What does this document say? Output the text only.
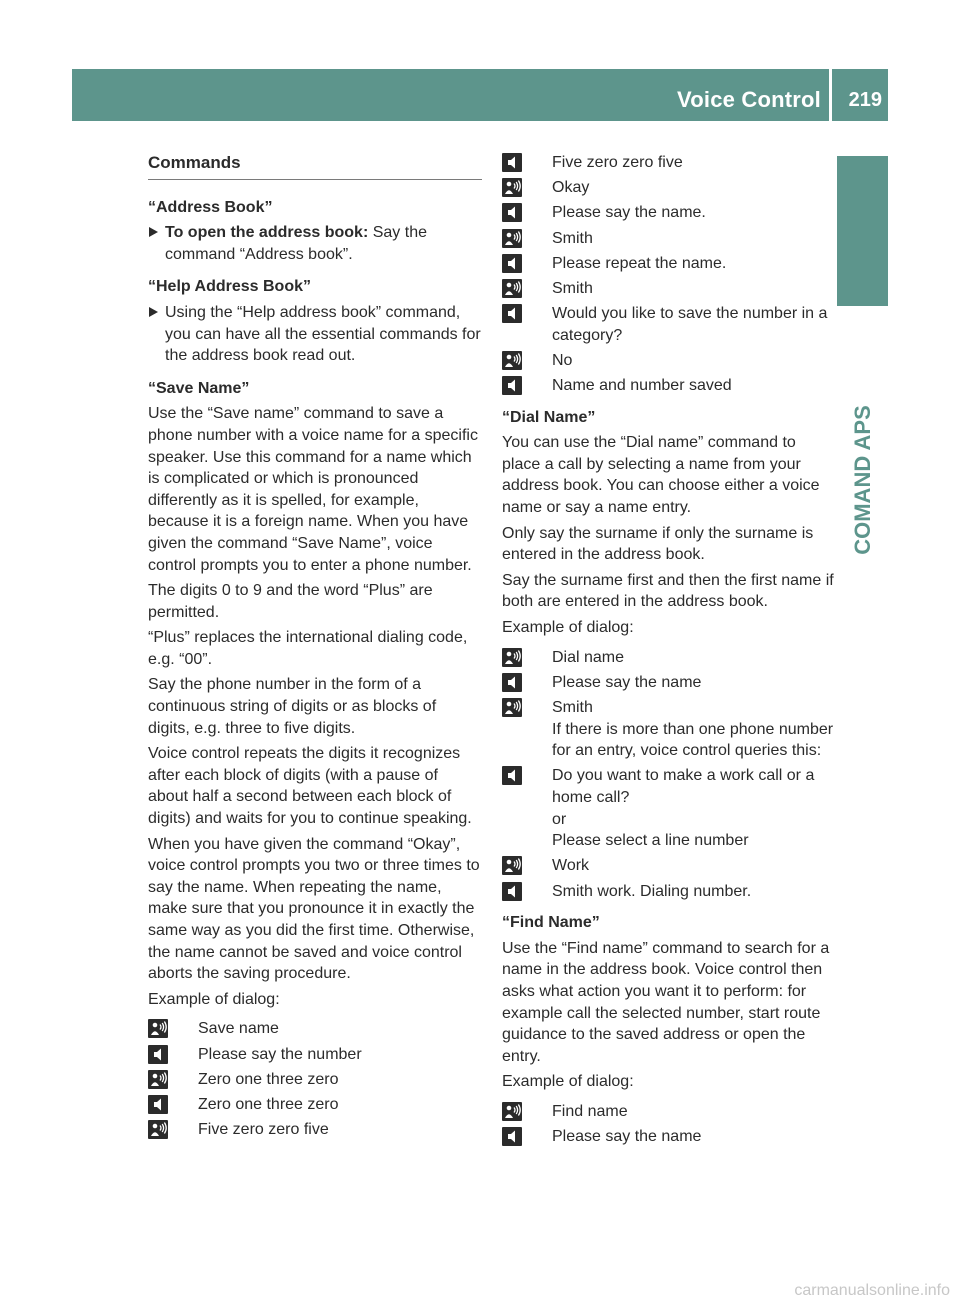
Voice Control 219
COMAND APS
Commands
“Address Book”
To open the address book: Say the command “Address book”.
“Help Address Book”
Using the “Help address book” command, you can have all the essential commands for the address book read out.
“Save Name”
Use the “Save name” command to save a phone number with a voice name for a specific speaker. Use this command for a name which is complicated or which is pronounced differently as it is spelled, for example, because it is a foreign name. When you have given the command “Save Name”, voice control prompts you to enter a phone number.
The digits 0 to 9 and the word “Plus” are permitted.
“Plus” replaces the international dialing code, e.g. “00”.
Say the phone number in the form of a continuous string of digits or as blocks of digits, e.g. three to five digits.
Voice control repeats the digits it recognizes after each block of digits (with a pause of about half a second between each block of digits) and waits for you to continue speaking.
When you have given the command “Okay”, voice control prompts you two or three times to say the name. When repeating the name, make sure that you pronounce it in exactly the same way as you did the first time. Otherwise, the name cannot be saved and voice control aborts the saving procedure.
Example of dialog:
Save name
Please say the number
Zero one three zero
Zero one three zero
Five zero zero five
Five zero zero five
Okay
Please say the name.
Smith
Please repeat the name.
Smith
Would you like to save the number in a category?
No
Name and number saved
“Dial Name”
You can use the “Dial name” command to place a call by selecting a name from your address book. You can choose either a voice name or say a name entry.
Only say the surname if only the surname is entered in the address book.
Say the surname first and then the first name if both are entered in the address book.
Example of dialog:
Dial name
Please say the name
Smith
If there is more than one phone number for an entry, voice control queries this:
Do you want to make a work call or a home call?
or
Please select a line number
Work
Smith work. Dialing number.
“Find Name”
Use the “Find name” command to search for a name in the address book. Voice control then asks what action you want it to perform: for example call the selected number, start route guidance to the saved address or open the entry.
Example of dialog:
Find name
Please say the name
carmanualsonline.info
